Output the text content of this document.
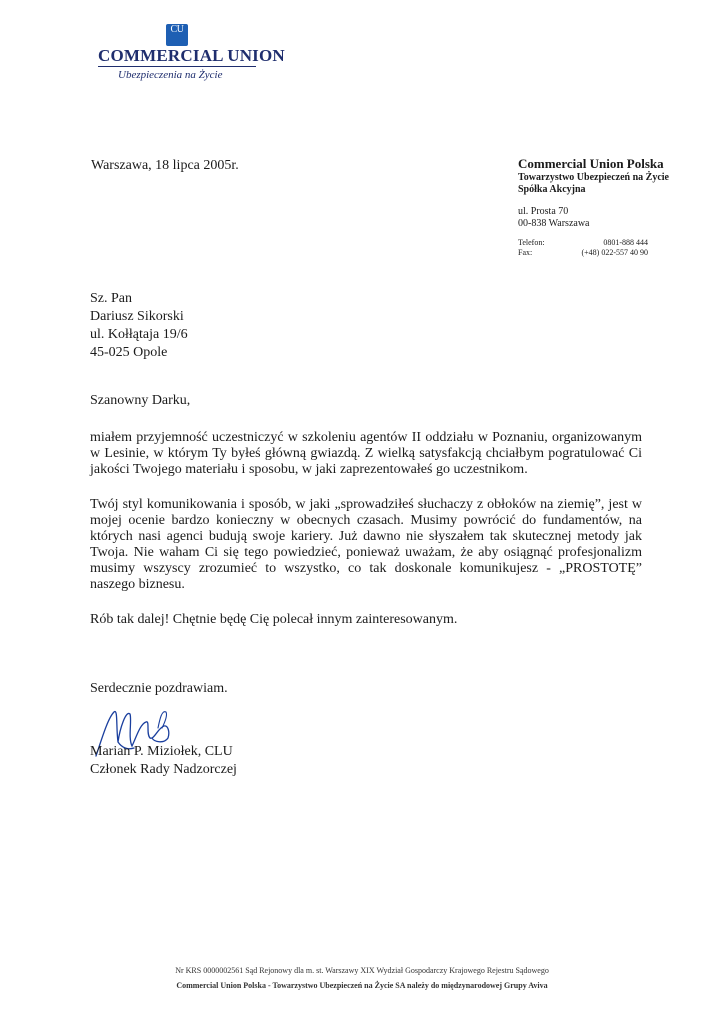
CU
COMMERCIAL UNION
Ubezpieczenia na Życie
Warszawa, 18 lipca 2005r.	Commercial Union Polska
Towarzystwo Ubezpieczeń na Życie
Spółka Akcyjna
ul. Prosta 70
00-838 Warszawa
Telefon:	0801-888 444
Fax:	(+48) 022-557 40 90
Sz. Pan
Dariusz Sikorski
ul. Kołłątaja 19/6
45-025 Opole

Szanowny Darku,

miałem przyjemność uczestniczyć w szkoleniu agentów II oddziału w Poznaniu, organizowanym w Lesinie, w którym Ty byłeś główną gwiazdą. Z wielką satysfakcją chciałbym pogratulować Ci jakości Twojego materiału i sposobu, w jaki zaprezentowałeś go uczestnikom.

Twój styl komunikowania i sposób, w jaki „sprowadziłeś słuchaczy z obłoków na ziemię”, jest w mojej ocenie bardzo konieczny w obecnych czasach. Musimy powrócić do fundamentów, na których nasi agenci budują swoje kariery. Już dawno nie słyszałem tak skutecznej metody jak Twoja. Nie waham Ci się tego powiedzieć, ponieważ uważam, że aby osiągnąć profesjonalizm musimy wszyscy zrozumieć to wszystko, co tak doskonale komunikujesz - „PROSTOTĘ” naszego biznesu.

Rób tak dalej! Chętnie będę Cię polecał innym zainteresowanym.

Serdecznie pozdrawiam.
Marian P. Miziołek, CLU
Członek Rady Nadzorczej
Nr KRS 0000002561 Sąd Rejonowy dla m. st. Warszawy XIX Wydział Gospodarczy Krajowego Rejestru Sądowego
Commercial Union Polska - Towarzystwo Ubezpieczeń na Życie SA należy do międzynarodowej Grupy Aviva
